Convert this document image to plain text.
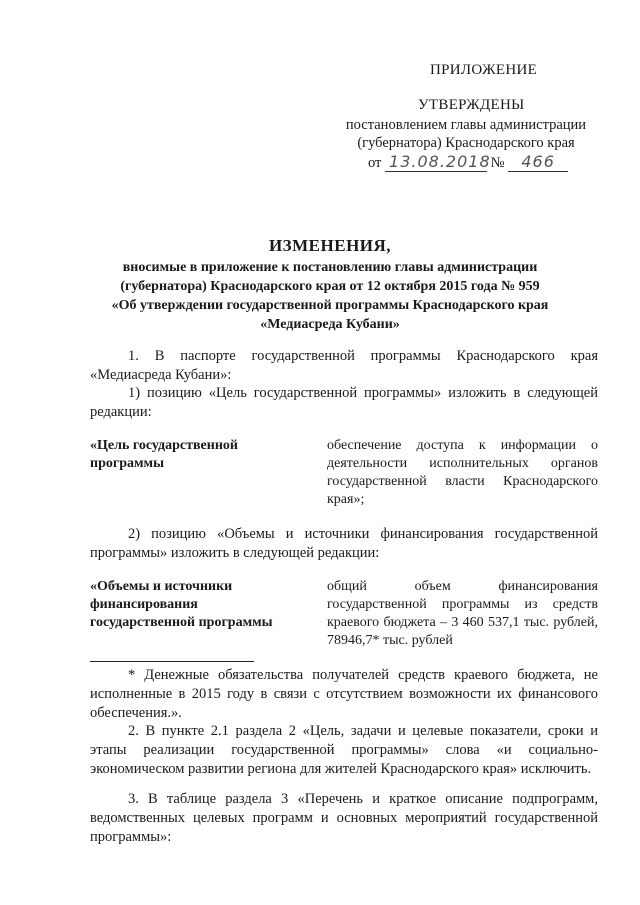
ПРИЛОЖЕНИЕ
УТВЕРЖДЕНЫ
постановлением главы администрации
(губернатора) Краснодарского края
от 13.08.2018 № 466
ИЗМЕНЕНИЯ,
вносимые в приложение к постановлению главы администрации
(губернатора) Краснодарского края от 12 октября 2015 года № 959
«Об утверждении государственной программы Краснодарского края
«Медиасреда Кубани»
1. В паспорте государственной программы Краснодарского края «Медиасреда Кубани»:
1) позицию «Цель государственной программы» изложить в следующей редакции:
«Цель государственной программы
обеспечение доступа к информации о деятельности исполнительных органов государственной власти Краснодарского края»;
2) позицию «Объемы и источники финансирования государственной программы» изложить в следующей редакции:
«Объемы и источники финансирования государственной программы
общий объем финансирования государственной программы из средств краевого бюджета – 3 460 537,1 тыс. рублей, 78946,7* тыс. рублей
* Денежные обязательства получателей средств краевого бюджета, не исполненные в 2015 году в связи с отсутствием возможности их финансового обеспечения.».
2. В пункте 2.1 раздела 2 «Цель, задачи и целевые показатели, сроки и этапы реализации государственной программы» слова «и социально-экономическом развитии региона для жителей Краснодарского края» исключить.
3. В таблице раздела 3 «Перечень и краткое описание подпрограмм, ведомственных целевых программ и основных мероприятий государственной программы»:
